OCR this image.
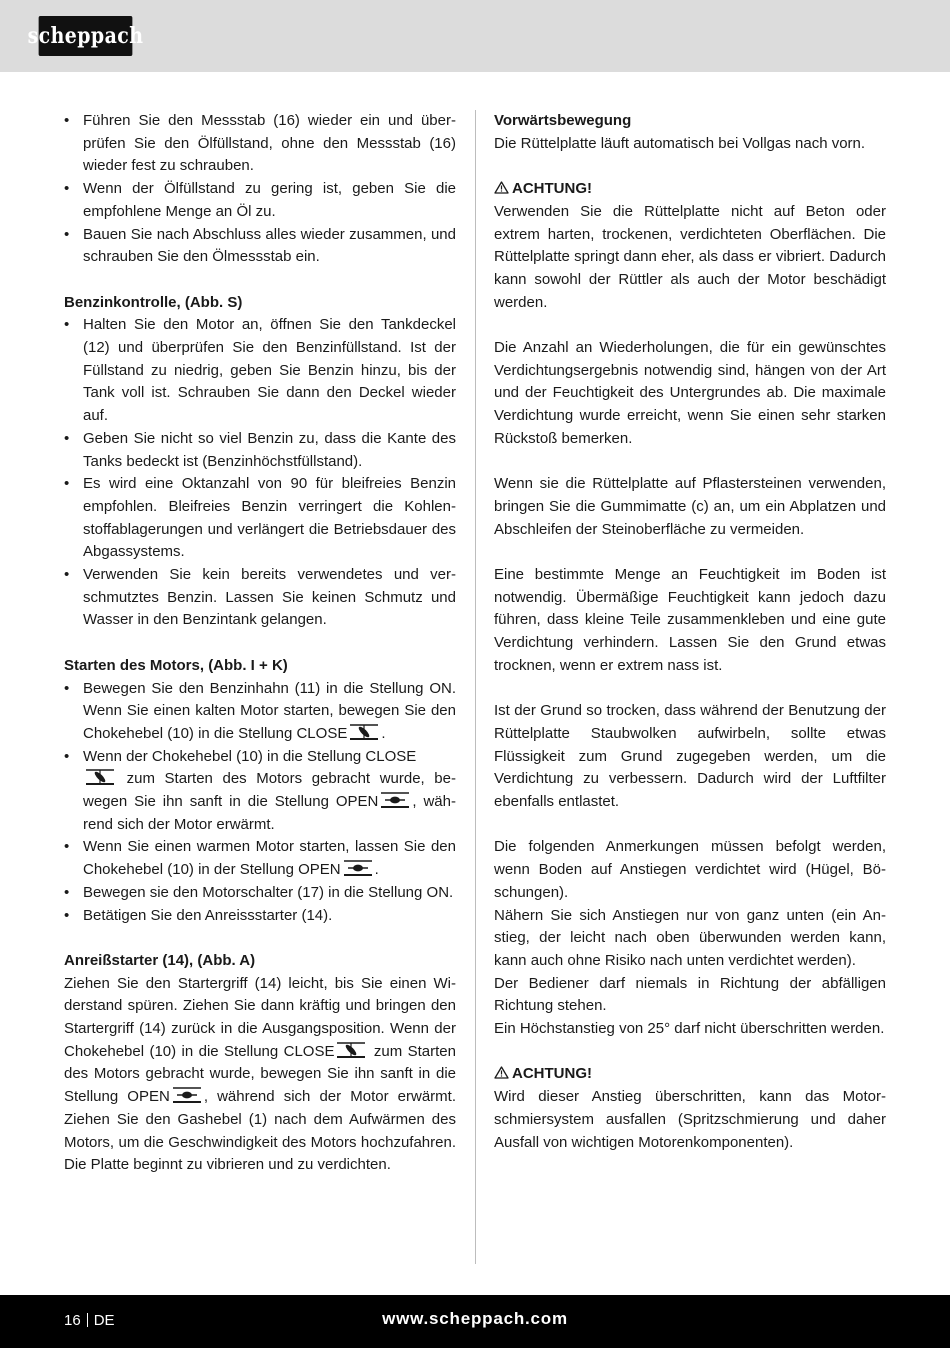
scheppach
• Führen Sie den Messstab (16) wieder ein und überprüfen Sie den Ölfüllstand, ohne den Messstab (16) wieder fest zu schrauben.
• Wenn der Ölfüllstand zu gering ist, geben Sie die empfohlene Menge an Öl zu.
• Bauen Sie nach Abschluss alles wieder zusammen, und schrauben Sie den Ölmessstab ein.
Benzinkontrolle, (Abb. S)
• Halten Sie den Motor an, öffnen Sie den Tankdeckel (12) und überprüfen Sie den Benzinfüllstand. Ist der Füllstand zu niedrig, geben Sie Benzin hinzu, bis der Tank voll ist. Schrauben Sie dann den Deckel wieder auf.
• Geben Sie nicht so viel Benzin zu, dass die Kante des Tanks bedeckt ist (Benzinhöchstfüllstand).
• Es wird eine Oktanzahl von 90 für bleifreies Benzin empfohlen. Bleifreies Benzin verringert die Kohlenstoffablagerungen und verlängert die Betriebsdauer des Abgassystems.
• Verwenden Sie kein bereits verwendetes und verschmutztes Benzin. Lassen Sie keinen Schmutz und Wasser in den Benzintank gelangen.
Starten des Motors, (Abb. I + K)
• Bewegen Sie den Benzinhahn (11) in die Stellung ON. Wenn Sie einen kalten Motor starten, bewegen Sie den Chokehebel (10) in die Stellung CLOSE .
• Wenn der Chokehebel (10) in die Stellung CLOSE

zum Starten des Motors gebracht wurde, bewegen Sie ihn sanft in die Stellung OPEN , während sich der Motor erwärmt.
• Wenn Sie einen warmen Motor starten, lassen Sie den Chokehebel (10) in der Stellung OPEN .
• Bewegen sie den Motorschalter (17) in die Stellung ON.
• Betätigen Sie den Anreissstarter (14).
Anreißstarter (14), (Abb. A)

Ziehen Sie den Startergriff (14) leicht, bis Sie einen Widerstand spüren. Ziehen Sie dann kräftig und bringen den Startergriff (14) zurück in die Ausgangsposition. Wenn der Chokehebel (10) in die Stellung CLOSE
zum Starten des Motors gebracht wurde, bewegen Sie ihn sanft in die Stellung OPEN , während sich der Motor erwärmt. Ziehen Sie den Gashebel (1) nach dem Aufwärmen des Motors, um die Geschwindigkeit des Motors hochzufahren. Die Platte beginnt zu vibrieren und zu verdichten.

Vorwärtsbewegung

Die Rüttelplatte läuft automatisch bei Vollgas nach vorn.

ACHTUNG!

Verwenden Sie die Rüttelplatte nicht auf Beton oder extrem harten, trockenen, verdichteten Oberflächen. Die Rüttelplatte springt dann eher, als dass er vibriert. Dadurch kann sowohl der Rüttler als auch der Motor beschädigt werden.

Die Anzahl an Wiederholungen, die für ein gewünschtes Verdichtungsergebnis notwendig sind, hängen von der Art und der Feuchtigkeit des Untergrundes ab. Die maximale Verdichtung wurde erreicht, wenn Sie einen sehr starken Rückstoß bemerken.

Wenn sie die Rüttelplatte auf Pflastersteinen verwenden, bringen Sie die Gummimatte (c) an, um ein Abplatzen und Abschleifen der Steinoberfläche zu vermeiden.

Eine bestimmte Menge an Feuchtigkeit im Boden ist notwendig. Übermäßige Feuchtigkeit kann jedoch dazu führen, dass kleine Teile zusammenkleben und eine gute Verdichtung verhindern. Lassen Sie den Grund etwas trocknen, wenn er extrem nass ist.

Ist der Grund so trocken, dass während der Benutzung der Rüttelplatte Staubwolken aufwirbeln, sollte etwas Flüssigkeit zum Grund zugegeben werden, um die Verdichtung zu verbessern. Dadurch wird der Luftfilter ebenfalls entlastet.

Die folgenden Anmerkungen müssen befolgt werden, wenn Boden auf Anstiegen verdichtet wird (Hügel, Böschungen).

Nähern Sie sich Anstiegen nur von ganz unten (ein Anstieg, der leicht nach oben überwunden werden kann, kann auch ohne Risiko nach unten verdichtet werden).

Der Bediener darf niemals in Richtung der abfälligen Richtung stehen.

Ein Höchstanstieg von 25° darf nicht überschritten werden.

ACHTUNG!

Wird dieser Anstieg überschritten, kann das Motorschmiersystem ausfallen (Spritzschmierung und daher Ausfall von wichtigen Motorenkomponenten).

16 DE	www.scheppach.com
